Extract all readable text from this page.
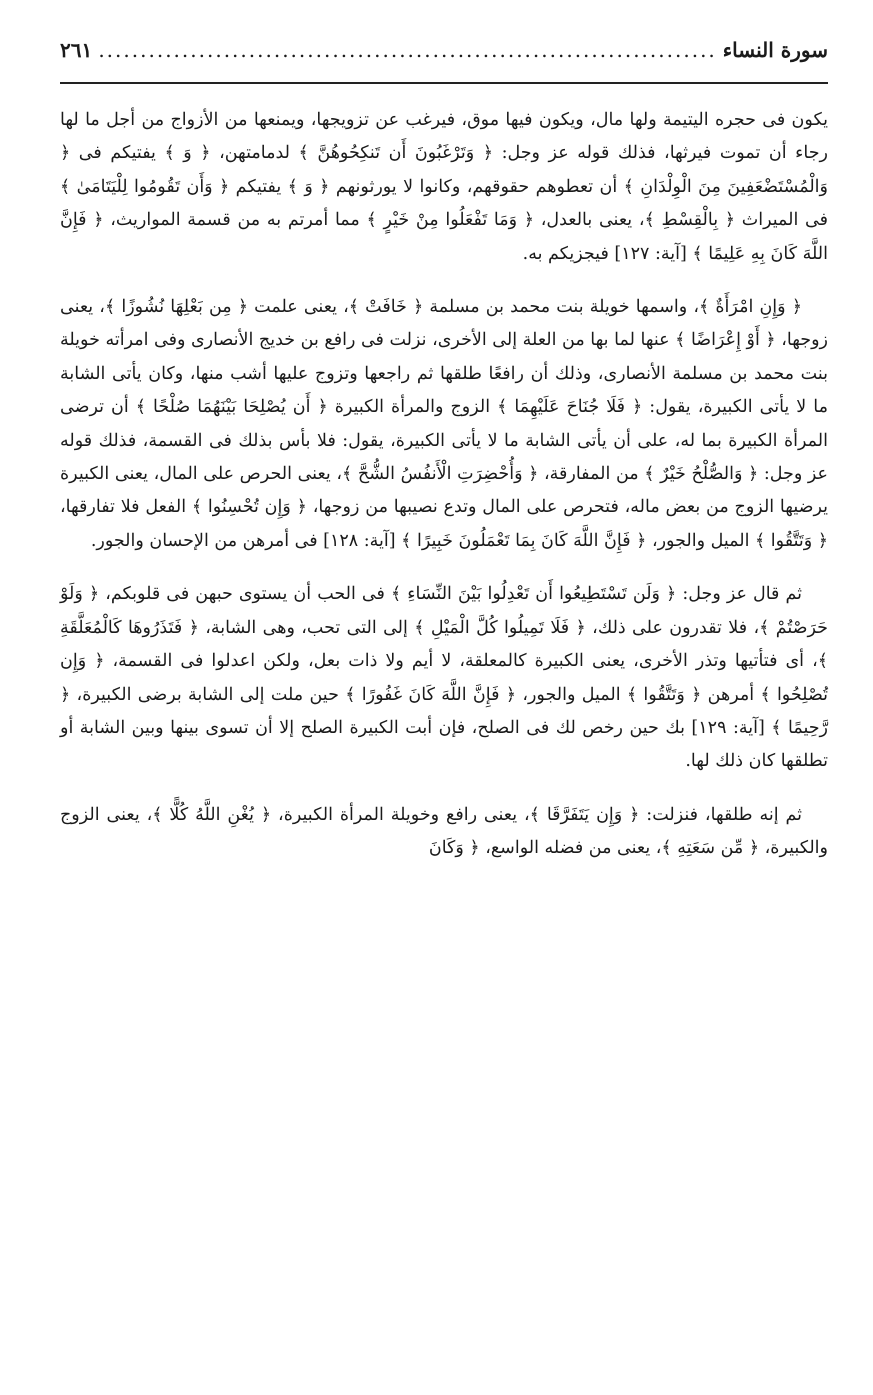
سورة النساء
.....
٢٦١

يكون فى حجره اليتيمة ولها مال، ويكون فيها موق، فيرغب عن تزويجها، ويمنعها من الأزواج من أجل ما لها رجاء أن تموت فيرثها، فذلك قوله عز وجل: ﴿ وَتَرْغَبُونَ أَن تَنكِحُوهُنَّ ﴾ لدمامتهن، ﴿ وَ ﴾ يفتيكم فى ﴿ وَالْمُسْتَضْعَفِينَ مِنَ الْوِلْدَانِ ﴾ أن تعطوهم حقوقهم، وكانوا لا يورثونهم ﴿ وَ ﴾ يفتيكم ﴿ وَأَن تَقُومُوا لِلْيَتَامَىٰ ﴾ فى الميراث ﴿ بِالْقِسْطِ ﴾، يعنى بالعدل، ﴿ وَمَا تَفْعَلُوا مِنْ خَيْرٍ ﴾ مما أمرتم به من قسمة المواريث، ﴿ فَإِنَّ اللَّهَ كَانَ بِهِ عَلِيمًا ﴾ [آية: ١٢٧] فيجزيكم به.

﴿ وَإِنِ امْرَأَةٌ ﴾، واسمها خويلة بنت محمد بن مسلمة ﴿ خَافَتْ ﴾، يعنى علمت ﴿ مِن بَعْلِهَا نُشُوزًا ﴾، يعنى زوجها، ﴿ أَوْ إِعْرَاضًا ﴾ عنها لما بها من العلة إلى الأخرى، نزلت فى رافع بن خديج الأنصارى وفى امرأته خويلة بنت محمد بن مسلمة الأنصارى، وذلك أن رافعًا طلقها ثم راجعها وتزوج عليها أشب منها، وكان يأتى الشابة ما لا يأتى الكبيرة، يقول: ﴿ فَلَا جُنَاحَ عَلَيْهِمَا ﴾ الزوج والمرأة الكبيرة ﴿ أَن يُصْلِحَا بَيْنَهُمَا صُلْحًا ﴾ أن ترضى المرأة الكبيرة بما له، على أن يأتى الشابة ما لا يأتى الكبيرة، يقول: فلا بأس بذلك فى القسمة، فذلك قوله عز وجل: ﴿ وَالصُّلْحُ خَيْرٌ ﴾ من المفارقة، ﴿ وَأُحْضِرَتِ الْأَنفُسُ الشُّحَّ ﴾، يعنى الحرص على المال، يعنى الكبيرة يرضيها الزوج من بعض ماله، فتحرص على المال وتدع نصيبها من زوجها، ﴿ وَإِن تُحْسِنُوا ﴾ الفعل فلا تفارقها، ﴿ وَتَتَّقُوا ﴾ الميل والجور، ﴿ فَإِنَّ اللَّهَ كَانَ بِمَا تَعْمَلُونَ خَبِيرًا ﴾ [آية: ١٢٨] فى أمرهن من الإحسان والجور.

ثم قال عز وجل: ﴿ وَلَن تَسْتَطِيعُوا أَن تَعْدِلُوا بَيْنَ النِّسَاءِ ﴾ فى الحب أن يستوى حبهن فى قلوبكم، ﴿ وَلَوْ حَرَصْتُمْ ﴾، فلا تقدرون على ذلك، ﴿ فَلَا تَمِيلُوا كُلَّ الْمَيْلِ ﴾ إلى التى تحب، وهى الشابة، ﴿ فَتَذَرُوهَا كَالْمُعَلَّقَةِ ﴾، أى فتأتيها وتذر الأخرى، يعنى الكبيرة كالمعلقة، لا أيم ولا ذات بعل، ولكن اعدلوا فى القسمة، ﴿ وَإِن تُصْلِحُوا ﴾ أمرهن ﴿ وَتَتَّقُوا ﴾ الميل والجور، ﴿ فَإِنَّ اللَّهَ كَانَ غَفُورًا ﴾ حين ملت إلى الشابة برضى الكبيرة، ﴿ رَّحِيمًا ﴾ [آية: ١٢٩] بك حين رخص لك فى الصلح، فإن أبت الكبيرة الصلح إلا أن تسوى بينها وبين الشابة أو تطلقها كان ذلك لها.

ثم إنه طلقها، فنزلت: ﴿ وَإِن يَتَفَرَّقَا ﴾، يعنى رافع وخويلة المرأة الكبيرة، ﴿ يُغْنِ اللَّهُ كُلًّا ﴾، يعنى الزوج والكبيرة، ﴿ مِّن سَعَتِهِ ﴾، يعنى من فضله الواسع، ﴿ وَكَانَ
